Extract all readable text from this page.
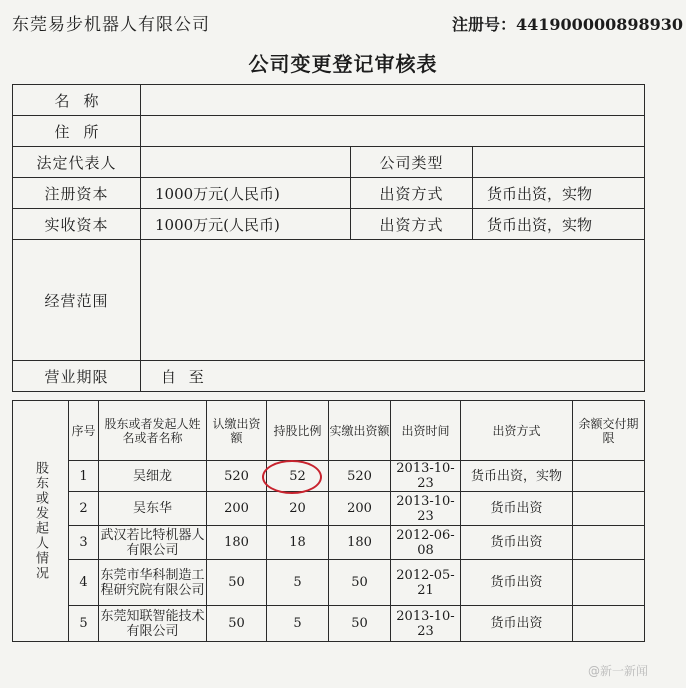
东莞易步机器人有限公司	注册号：441900000898930
公司变更登记审核表
名称			
住所			
法定代表人		公司类型	
注册资本	1000万元(人民币)	出资方式	货币出资，实物
实收资本	1000万元(人民币)	出资方式	货币出资，实物
经营范围			
营业期限	自 至		
股东或发起人情况	序号	股东或者发起人姓名或者名称	认缴出资额	持股比例	实缴出资额	出资时间	出资方式	余额交付期限
	1	吴细龙	520	52	520	2013-10-23	货币出资，实物	
	2	吴东华	200	20	200	2013-10-23	货币出资	
	3	武汉若比特机器人有限公司	180	18	180	2012-06-08	货币出资	
	4	东莞市华科制造工程研究院有限公司	50	5	50	2012-05-21	货币出资	
	5	东莞知联智能技术有限公司	50	5	50	2013-10-23	货币出资	
@新一新闻
